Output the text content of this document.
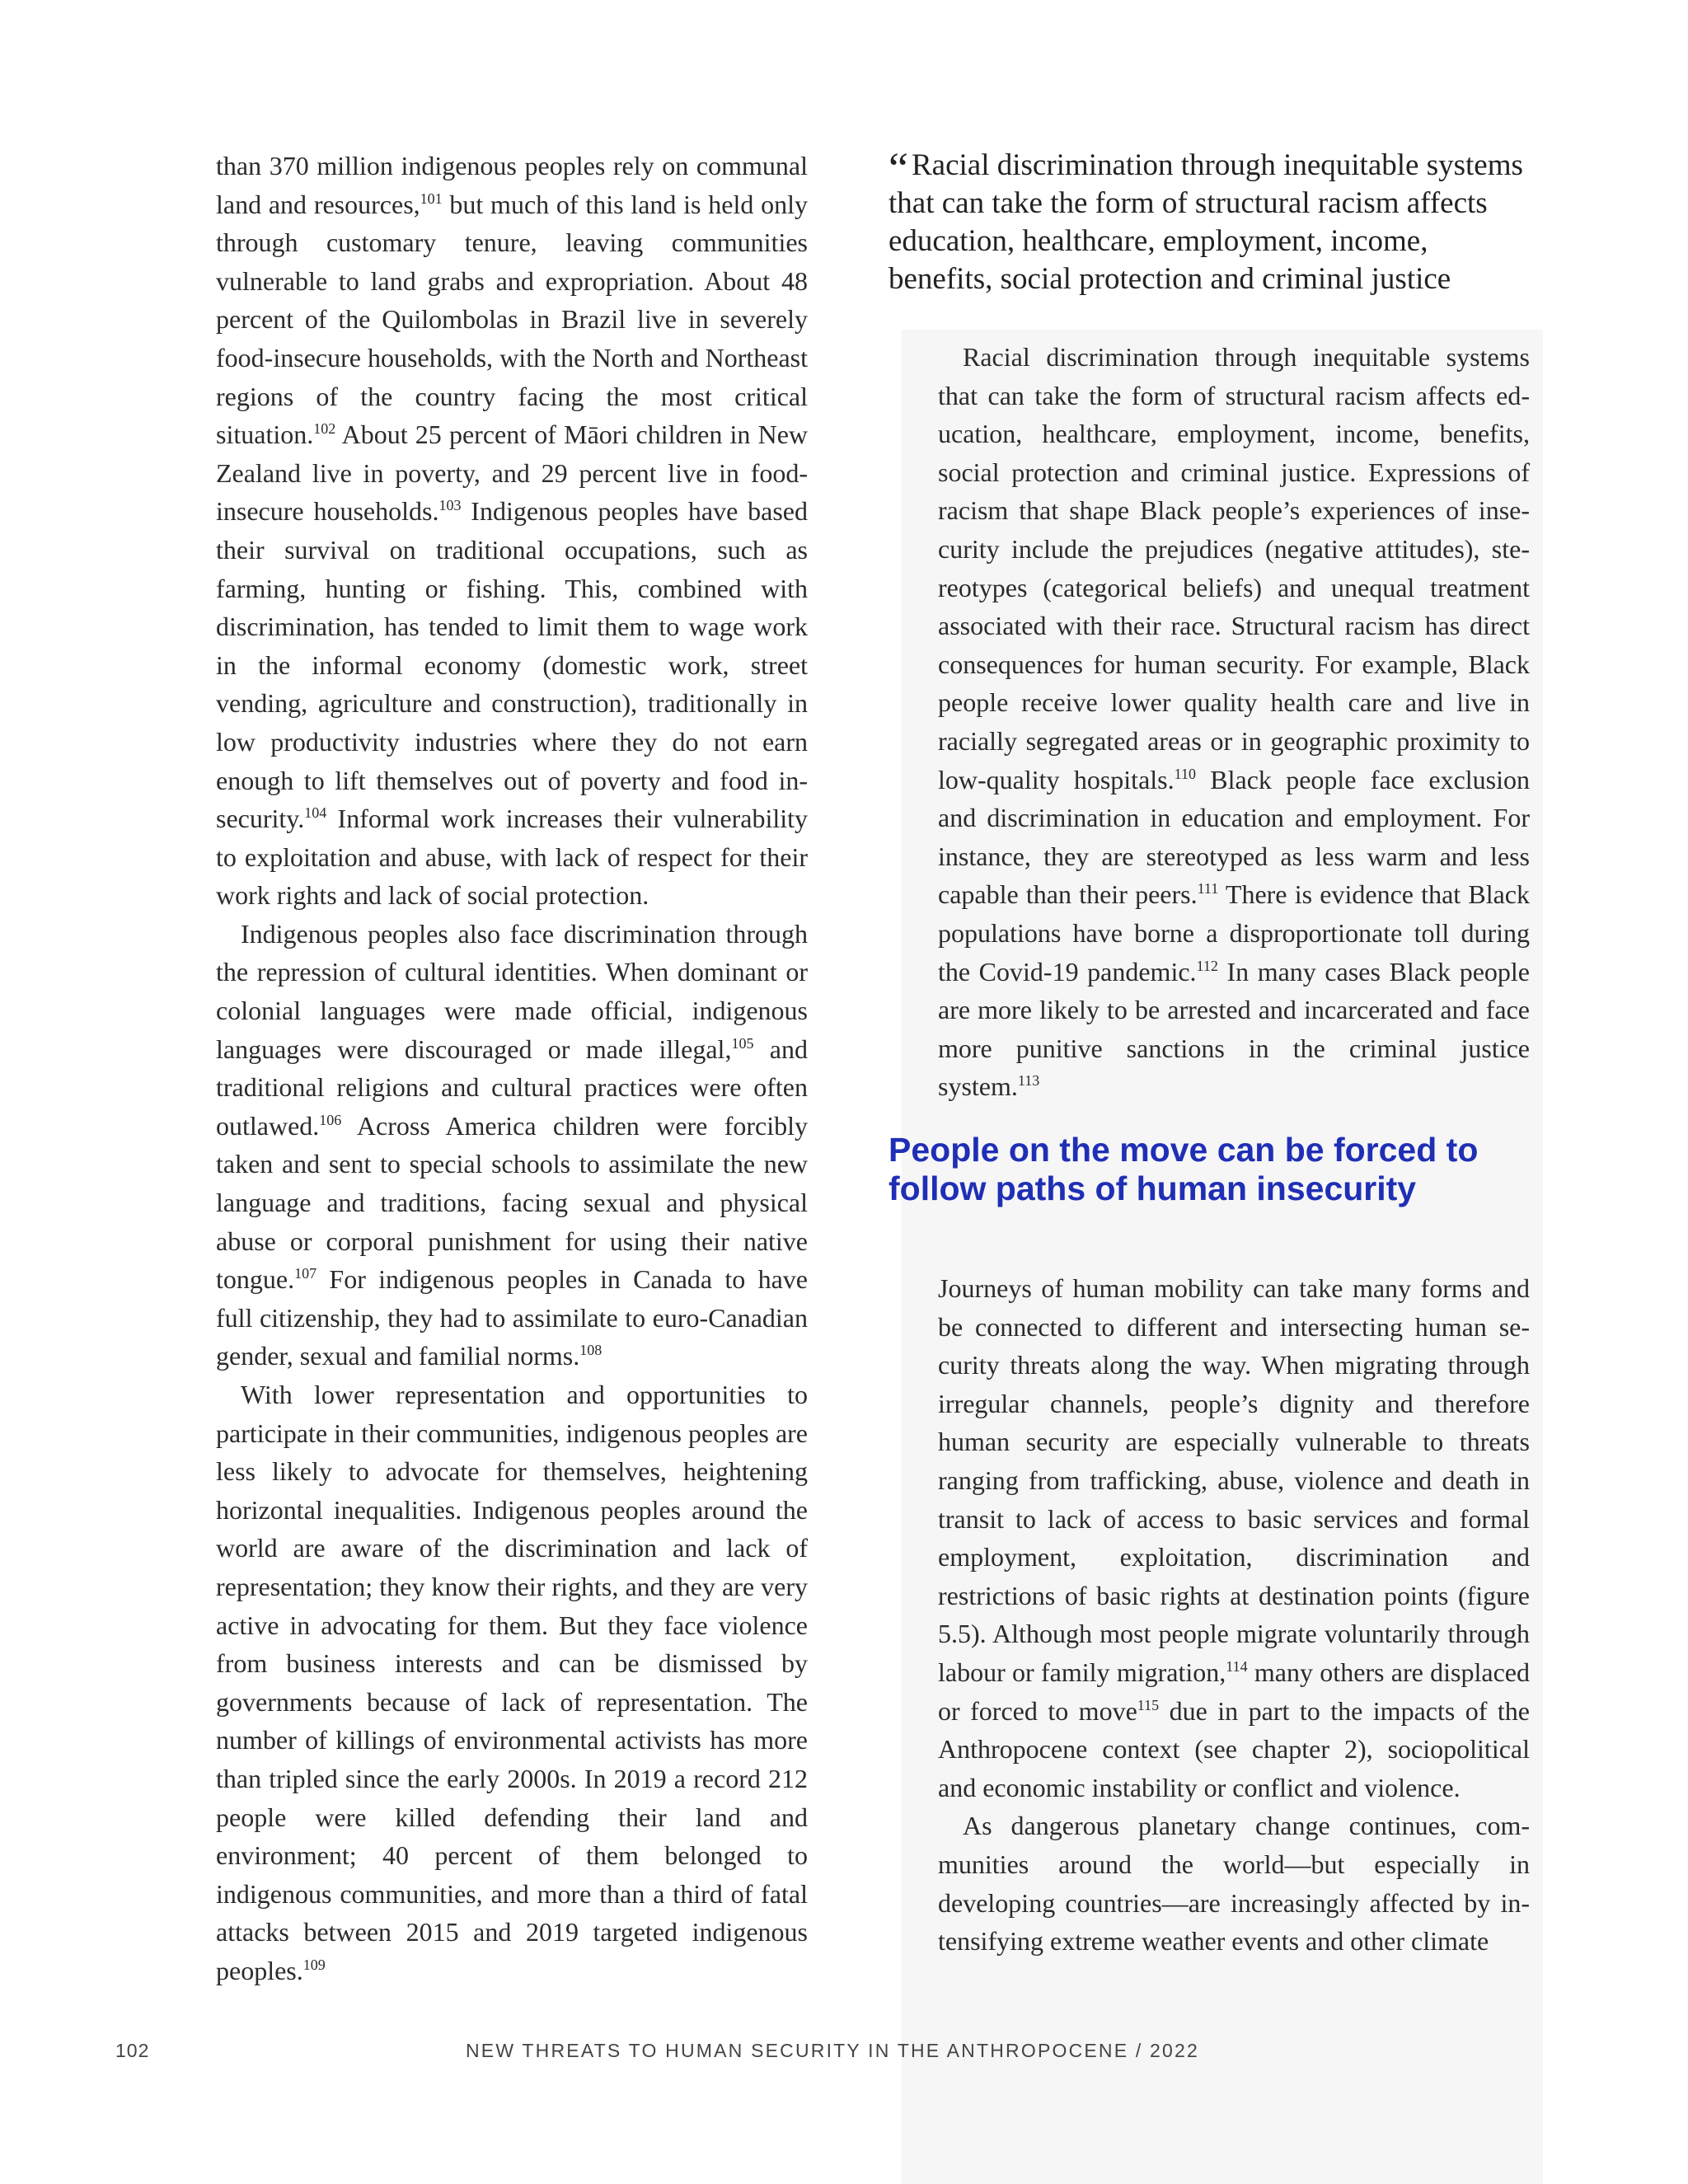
than 370 million indigenous peoples rely on communal land and resources,$^{101}$ but much of this land is held only through customary tenure, leaving communities vulnerable to land grabs and expropriation. About 48 percent of the Quilombolas in Brazil live in severely food-insecure households, with the North and Northeast regions of the country facing the most critical situation.$^{102}$ About 25 percent of Māori children in New Zealand live in poverty, and 29 percent live in food-insecure households.$^{103}$ Indigenous peoples have based their survival on traditional occupations, such as farming, hunting or fishing. This, combined with discrimination, has tended to limit them to wage work in the informal economy (domestic work, street vending, agriculture and construction), traditionally in low productivity industries where they do not earn enough to lift themselves out of poverty and food insecurity.$^{104}$ Informal work increases their vulnerability to exploitation and abuse, with lack of respect for their work rights and lack of social protection.

Indigenous peoples also face discrimination through the repression of cultural identities. When dominant or colonial languages were made official, indigenous languages were discouraged or made illegal,$^{105}$ and traditional religions and cultural practices were often outlawed.$^{106}$ Across America children were forcibly taken and sent to special schools to assimilate the new language and traditions, facing sexual and physical abuse or corporal punishment for using their native tongue.$^{107}$ For indigenous peoples in Canada to have full citizenship, they had to assimilate to euro-Canadian gender, sexual and familial norms.$^{108}$

With lower representation and opportunities to participate in their communities, indigenous peoples are less likely to advocate for themselves, heightening horizontal inequalities. Indigenous peoples around the world are aware of the discrimination and lack of representation; they know their rights, and they are very active in advocating for them. But they face violence from business interests and can be dismissed by governments because of lack of representation. The number of killings of environmental activists has more than tripled since the early 2000s. In 2019 a record 212 people were killed defending their land and environment; 40 percent of them belonged to indigenous communities, and more than a third of fatal attacks between 2015 and 2019 targeted indigenous peoples.$^{109}$

“ Racial discrimination through inequitable systems that can take the form of structural racism affects education, healthcare, employment, income, benefits, social protection and criminal justice

Racial discrimination through inequitable systems that can take the form of structural racism affects education, healthcare, employment, income, benefits, social protection and criminal justice. Expressions of racism that shape Black people’s experiences of insecurity include the prejudices (negative attitudes), stereotypes (categorical beliefs) and unequal treatment associated with their race. Structural racism has direct consequences for human security. For example, Black people receive lower quality health care and live in racially segregated areas or in geographic proximity to low-quality hospitals.$^{110}$ Black people face exclusion and discrimination in education and employment. For instance, they are stereotyped as less warm and less capable than their peers.$^{111}$ There is evidence that Black populations have borne a disproportionate toll during the Covid-19 pandemic.$^{112}$ In many cases Black people are more likely to be arrested and incarcerated and face more punitive sanctions in the criminal justice system.$^{113}$

People on the move can be forced to follow paths of human insecurity

Journeys of human mobility can take many forms and be connected to different and intersecting human security threats along the way. When migrating through irregular channels, people’s dignity and therefore human security are especially vulnerable to threats ranging from trafficking, abuse, violence and death in transit to lack of access to basic services and formal employment, exploitation, discrimination and restrictions of basic rights at destination points (figure 5.5). Although most people migrate voluntarily through labour or family migration,$^{114}$ many others are displaced or forced to move$^{115}$ due in part to the impacts of the Anthropocene context (see chapter 2), sociopolitical and economic instability or conflict and violence.

As dangerous planetary change continues, communities around the world—but especially in developing countries—are increasingly affected by intensifying extreme weather events and other climate

102	NEW THREATS TO HUMAN SECURITY IN THE ANTHROPOCENE / 2022
